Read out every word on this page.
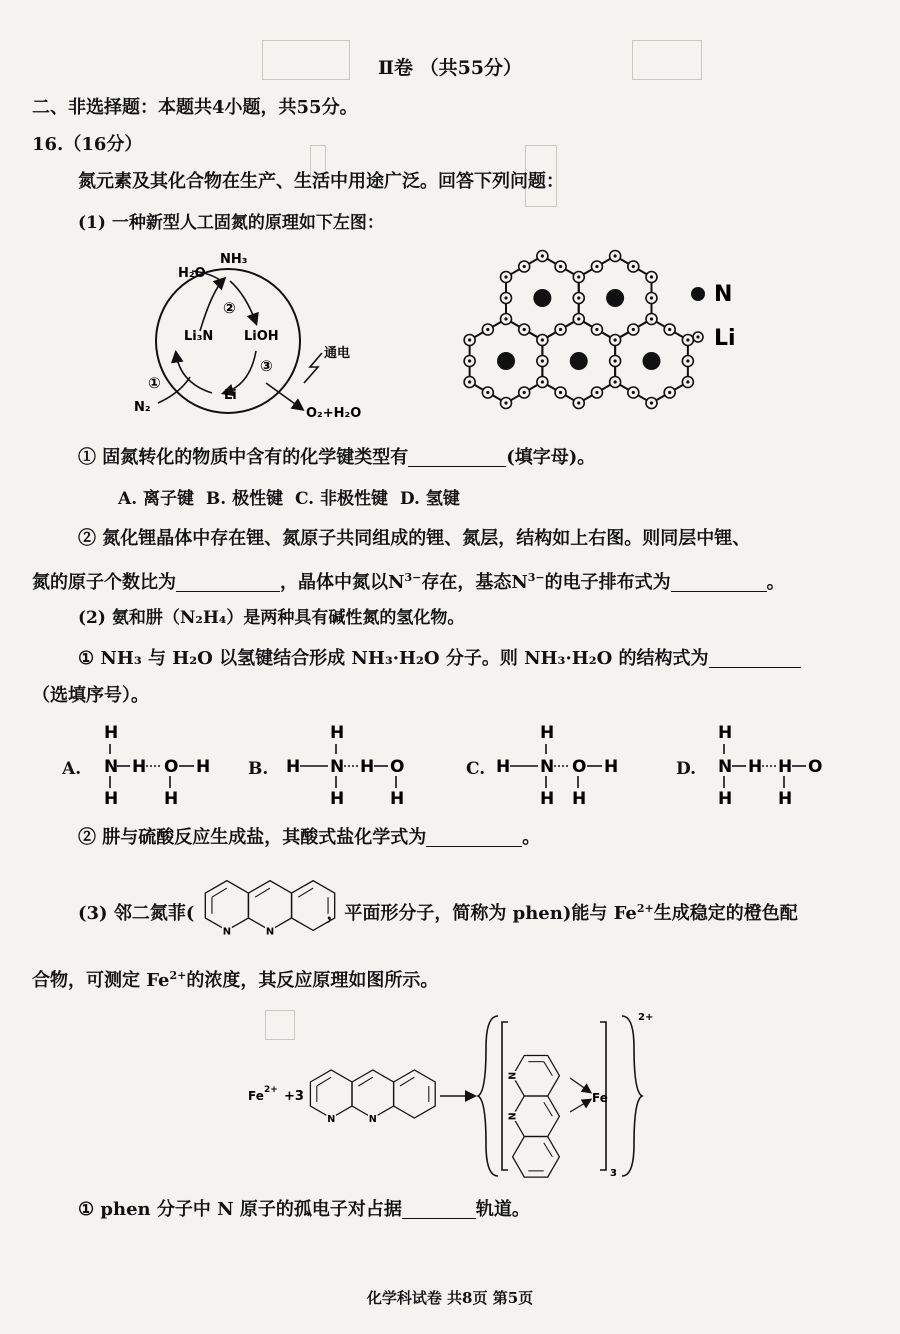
Ⅱ卷 （共55分）
二、非选择题：本题共4小题，共55分。
16.（16分）
氮元素及其化合物在生产、生活中用途广泛。回答下列问题：
(1) 一种新型人工固氮的原理如下左图：
NH₃
H₂O
②
Li₃N LiOH
③
通电
①
Li
N₂	O₂+H₂O
N
Li
① 固氮转化的物质中含有的化学键类型有	(填字母)。
A. 离子键 B. 极性键 C. 非极性键 D. 氢键
② 氮化锂晶体中存在锂、氮原子共同组成的锂、氮层，结构如上右图。则同层中锂、
氮的原子个数比为	，晶体中氮以$N^{3-}$存在，基态$N^{3-}$的电子排布式为	。
(2) 氨和肼（N₂H₄）是两种具有碱性氮的氢化物。
① NH₃ 与 H₂O 以氢键结合形成 NH₃·H₂O 分子。则 NH₃·H₂O 的结构式为
（选填序号）。
A.
H
N H O H
H	H
B.
H
H N H O
H	H
C.
H
H N O H
H H
D.
H
N H H O
H	H
② 肼与硫酸反应生成盐，其酸式盐化学式为	。
(3) 邻二氮菲(	，平面形分子，简称为 phen)能与 $Fe^{2+}$生成稳定的橙色配
合物，可测定 $Fe^{2+}$的浓度，其反应原理如图所示。
Fe 2+ +3	Fe
3
2+
① phen 分子中 N 原子的孤电子对占据	轨道。
化学科试卷 共8页 第5页
